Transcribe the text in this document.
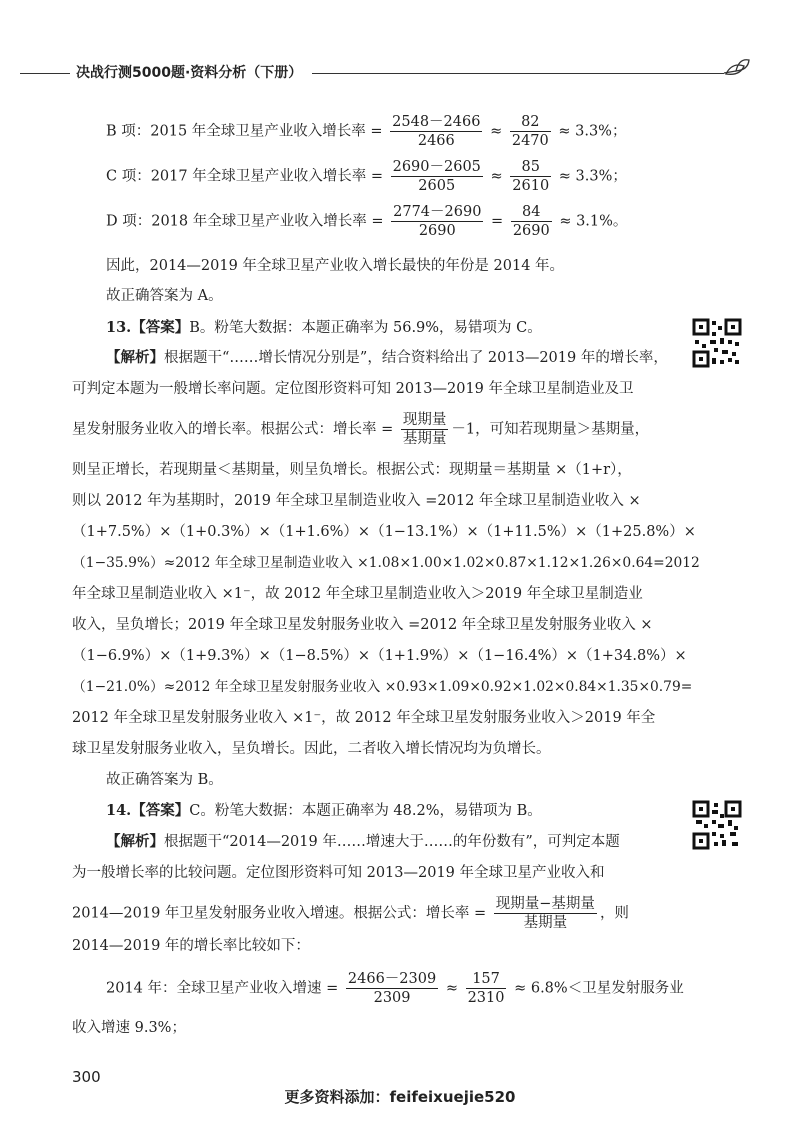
决战行测5000题·资料分析（下册）
B 项：2015 年全球卫星产业收入增长率 = $\frac{2548-2466}{2466} \approx \frac{82}{2470} \approx 3.3\%$；
C 项：2017 年全球卫星产业收入增长率 = $\frac{2690-2605}{2605} \approx \frac{85}{2610} \approx 3.3\%$；
D 项：2018 年全球卫星产业收入增长率 = $\frac{2774-2690}{2690} = \frac{84}{2690} \approx 3.1\%$。
因此，2014—2019 年全球卫星产业收入增长最快的年份是 2014 年。
故正确答案为 A。
13.【答案】B。粉笔大数据：本题正确率为 56.9%，易错项为 C。
【解析】根据题干“……增长情况分别是”，结合资料给出了 2013—2019 年的增长率，
可判定本题为一般增长率问题。定位图形资料可知 2013—2019 年全球卫星制造业及卫
星发射服务业收入的增长率。根据公式：增长率 = $\frac{\text{现期量}}{\text{基期量}} -1$，可知若现期量＞基期量，
则呈正增长，若现期量＜基期量，则呈负增长。根据公式：现期量＝基期量 ×（1+r），
则以 2012 年为基期时，2019 年全球卫星制造业收入 =2012 年全球卫星制造业收入 ×
（1+7.5%）×（1+0.3%）×（1+1.6%）×（1−13.1%）×（1+11.5%）×（1+25.8%）×
（1−35.9%）≈2012 年全球卫星制造业收入 ×1.08×1.00×1.02×0.87×1.12×1.26×0.64=2012
年全球卫星制造业收入 ×1⁻，故 2012 年全球卫星制造业收入＞2019 年全球卫星制造业
收入，呈负增长；2019 年全球卫星发射服务业收入 =2012 年全球卫星发射服务业收入 ×
（1−6.9%）×（1+9.3%）×（1−8.5%）×（1+1.9%）×（1−16.4%）×（1+34.8%）×
（1−21.0%）≈2012 年全球卫星发射服务业收入 ×0.93×1.09×0.92×1.02×0.84×1.35×0.79=
2012 年全球卫星发射服务业收入 ×1⁻，故 2012 年全球卫星发射服务业收入＞2019 年全
球卫星发射服务业收入，呈负增长。因此，二者收入增长情况均为负增长。
故正确答案为 B。
14.【答案】C。粉笔大数据：本题正确率为 48.2%，易错项为 B。
【解析】根据题干“2014—2019 年……增速大于……的年份数有”，可判定本题
为一般增长率的比较问题。定位图形资料可知 2013—2019 年全球卫星产业收入和
2014—2019 年卫星发射服务业收入增速。根据公式：增长率 = $\frac{\text{现期量−基期量}}{\text{基期量}}$ ，则
2014—2019 年的增长率比较如下：
2014 年：全球卫星产业收入增速 = $\frac{2466-2309}{2309} \approx \frac{157}{2310} \approx 6.8\%<$卫星发射服务业
收入增速 9.3%；
300
更多资料添加：feifeixuejie520
